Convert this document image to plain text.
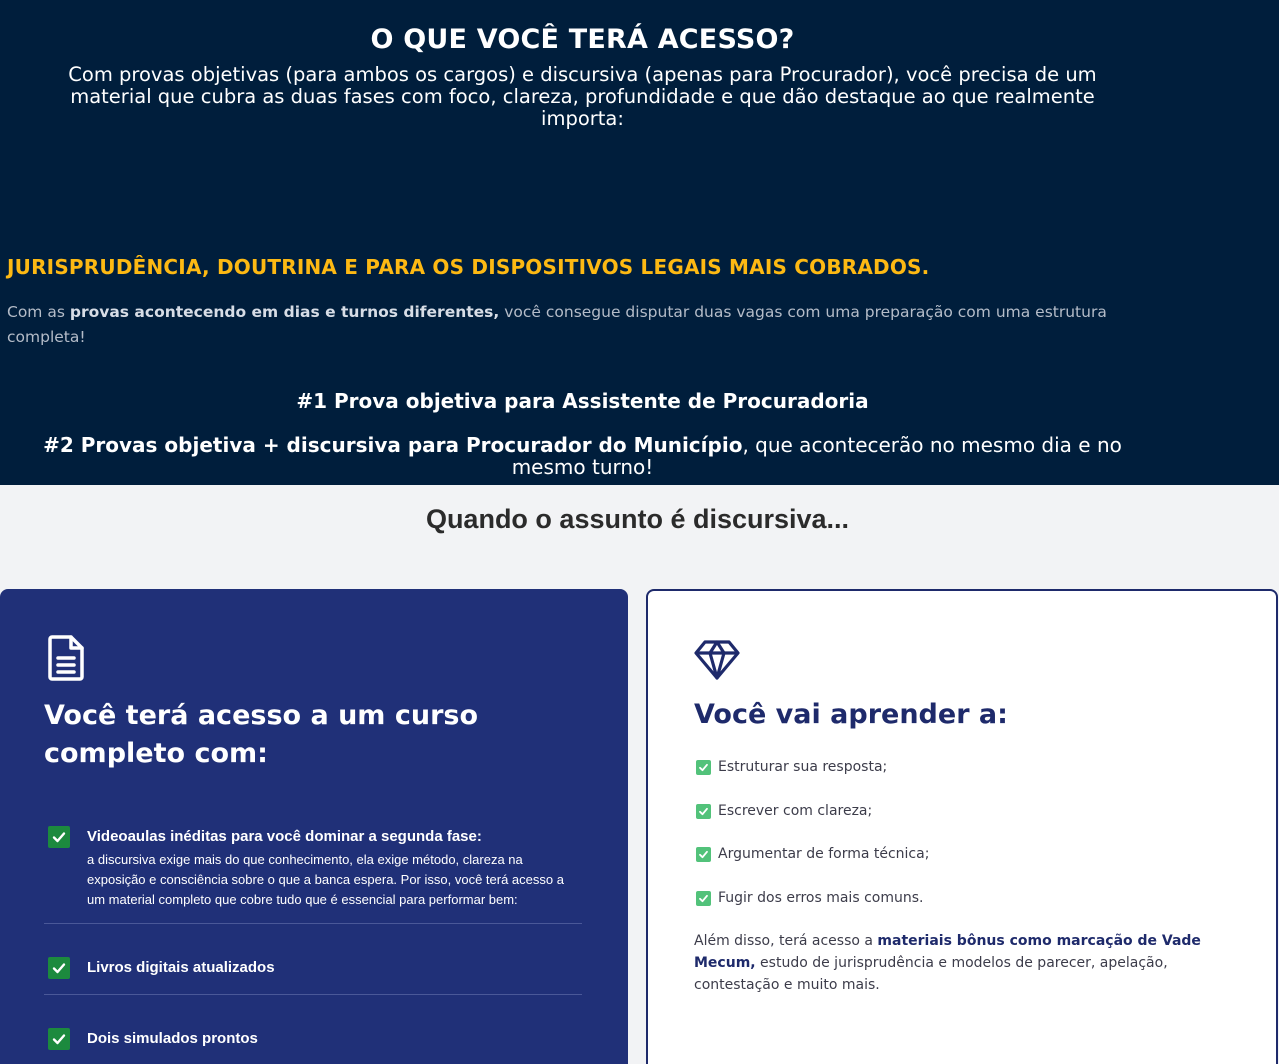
O QUE VOCÊ TERÁ ACESSO?

Com provas objetivas (para ambos os cargos) e discursiva (apenas para Procurador), você precisa de um material que cubra as duas fases com foco, clareza, profundidade e que dão destaque ao que realmente importa:

JURISPRUDÊNCIA, DOUTRINA E PARA OS DISPOSITIVOS LEGAIS MAIS COBRADOS.

Com as provas acontecendo em dias e turnos diferentes, você consegue disputar duas vagas com uma preparação com uma estrutura completa!

#1 Prova objetiva para Assistente de Procuradoria

#2 Provas objetiva + discursiva para Procurador do Município, que acontecerão no mesmo dia e no mesmo turno!

Quando o assunto é discursiva...
Você terá acesso a um curso completo com:
Videoaulas inéditas para você dominar a segunda fase:

a discursiva exige mais do que conhecimento, ela exige método, clareza na exposição e consciência sobre o que a banca espera. Por isso, você terá acesso a um material completo que cobre tudo que é essencial para performar bem:

Livros digitais atualizados
Dois simulados prontos
Você vai aprender a:
Estruturar sua resposta;
Escrever com clareza;
Argumentar de forma técnica;
Fugir dos erros mais comuns.

Além disso, terá acesso a materiais bônus como marcação de Vade Mecum, estudo de jurisprudência e modelos de parecer, apelação, contestação e muito mais.
